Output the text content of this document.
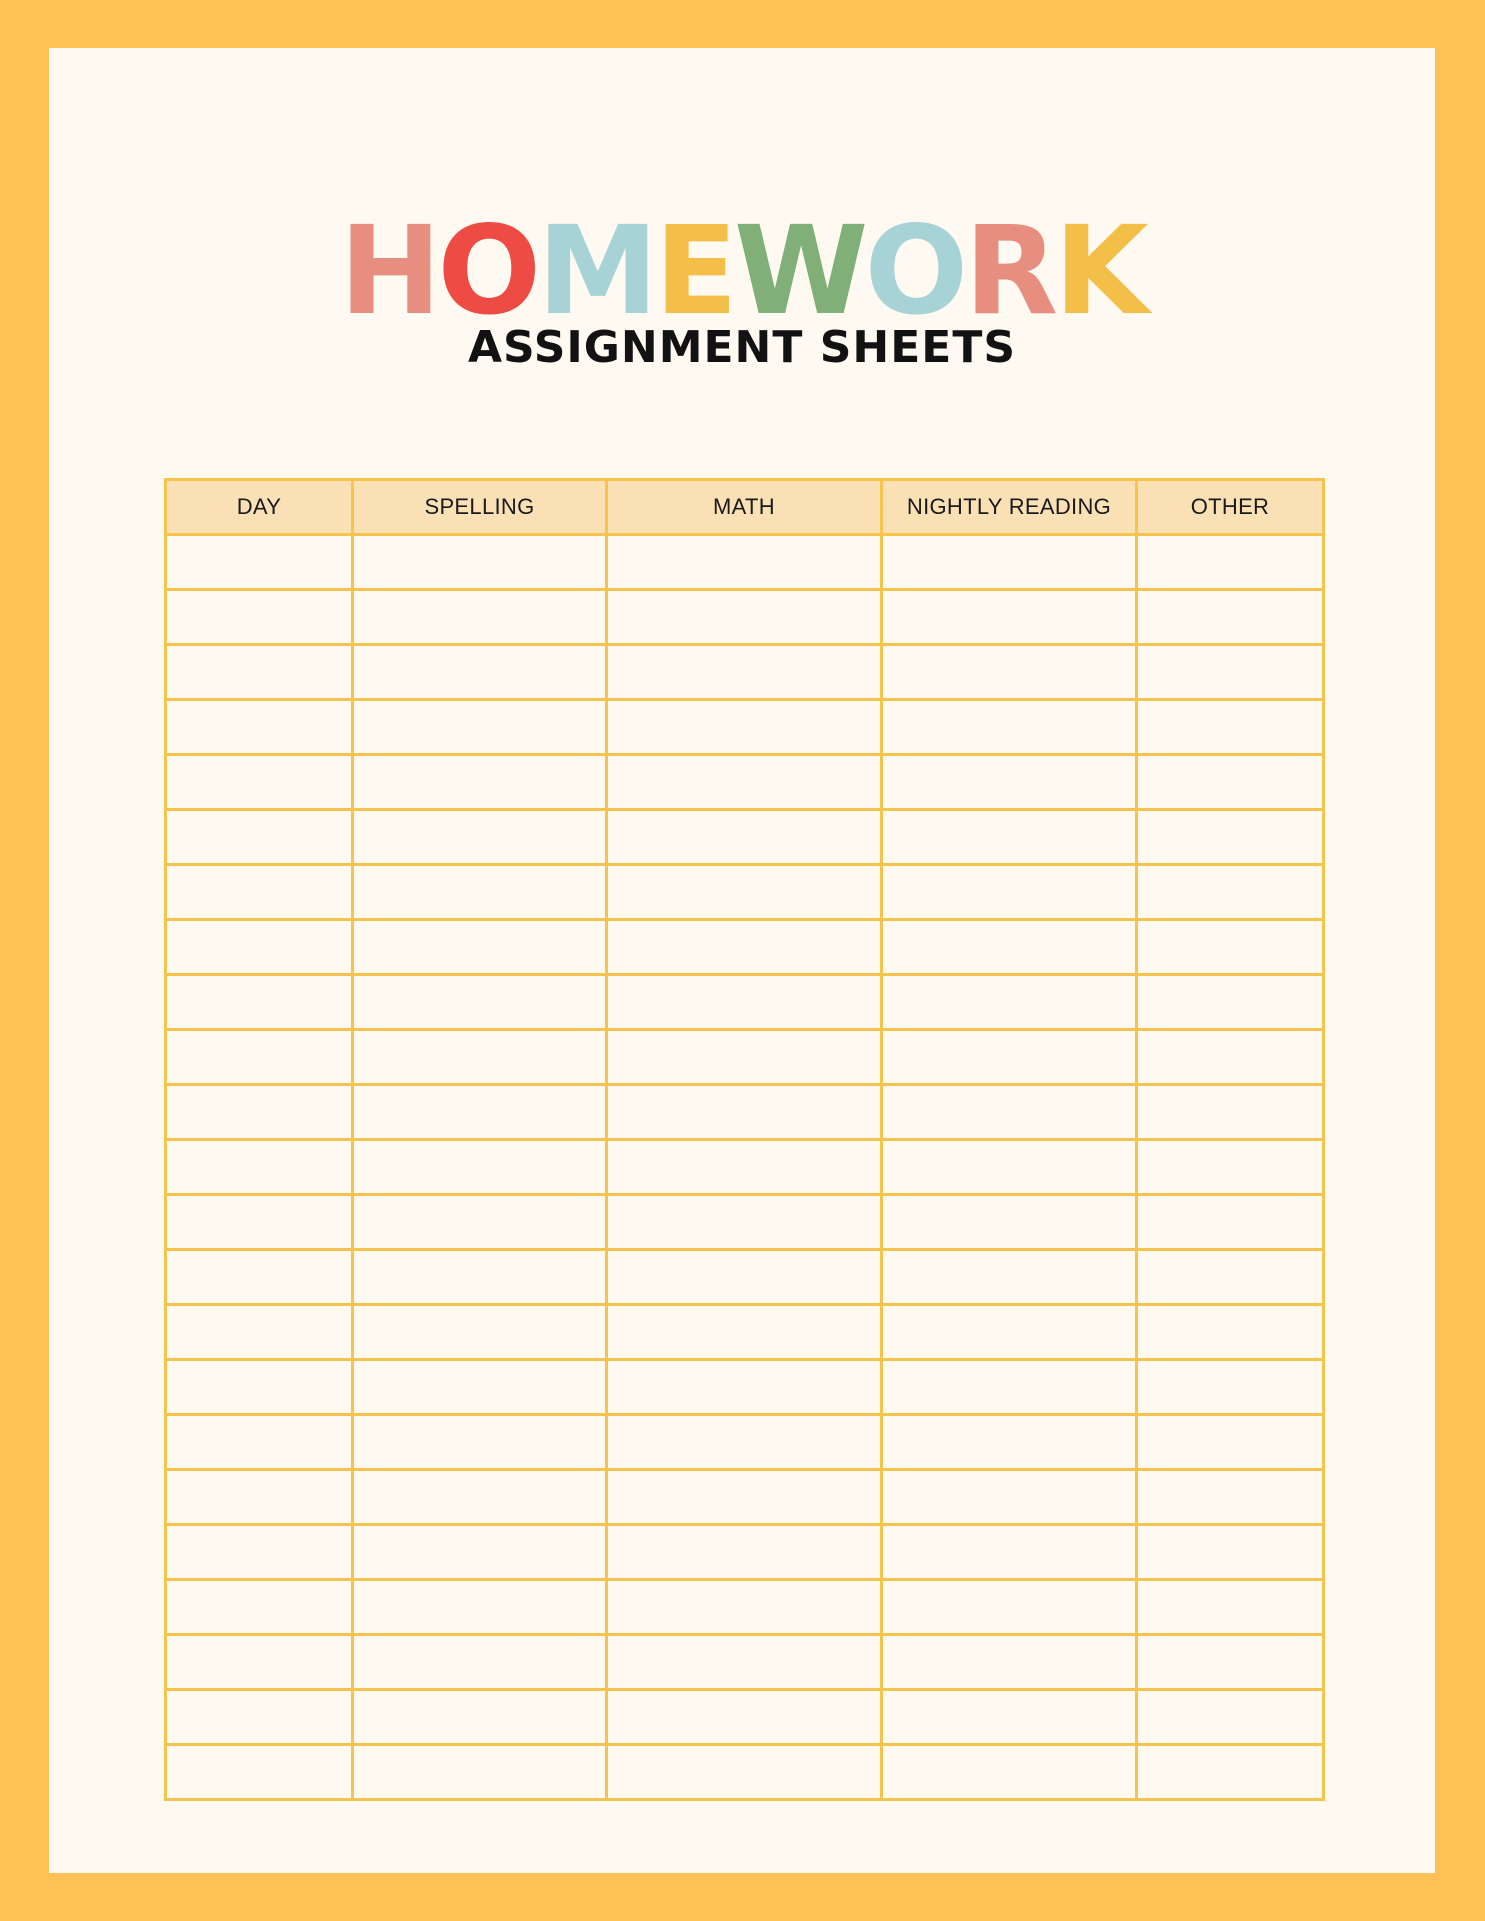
HOMEWORK
ASSIGNMENT SHEETS
DAY	SPELLING	MATH	NIGHTLY READING	OTHER
